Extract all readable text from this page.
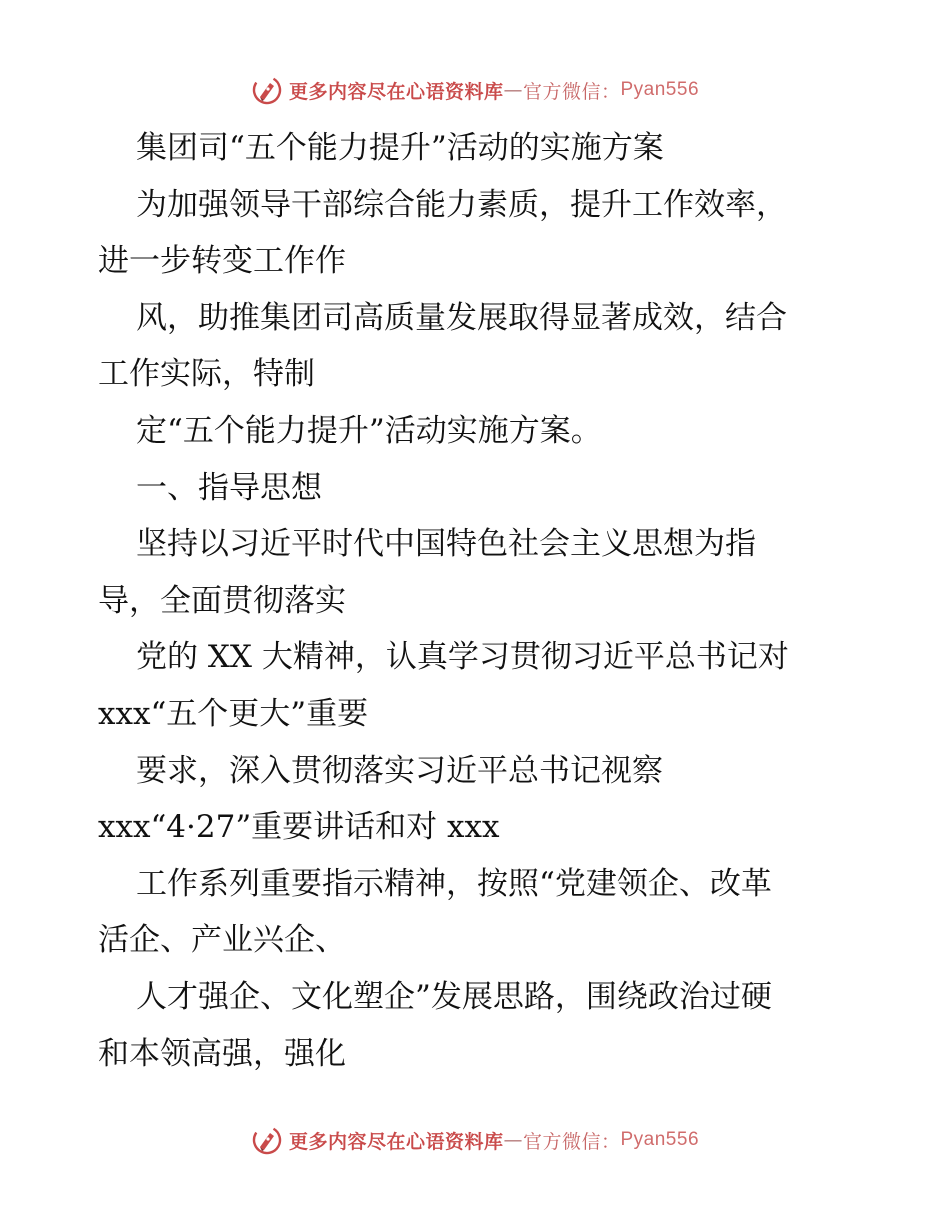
更多内容尽在心语资料库 — 官方微信： Pyan556
集团司“五个能力提升”活动的实施方案
为加强领导干部综合能力素质，提升工作效率，
进一步转变工作作
风，助推集团司高质量发展取得显著成效，结合
工作实际，特制
定“五个能力提升”活动实施方案。
一、指导思想
坚持以习近平时代中国特色社会主义思想为指
导，全面贯彻落实
党的 XX 大精神，认真学习贯彻习近平总书记对
xxx“五个更大”重要
要求，深入贯彻落实习近平总书记视察
xxx“4·27”重要讲话和对 xxx
工作系列重要指示精神，按照“党建领企、改革
活企、产业兴企、
人才强企、文化塑企”发展思路，围绕政治过硬
和本领高强，强化
更多内容尽在心语资料库 — 官方微信： Pyan556
